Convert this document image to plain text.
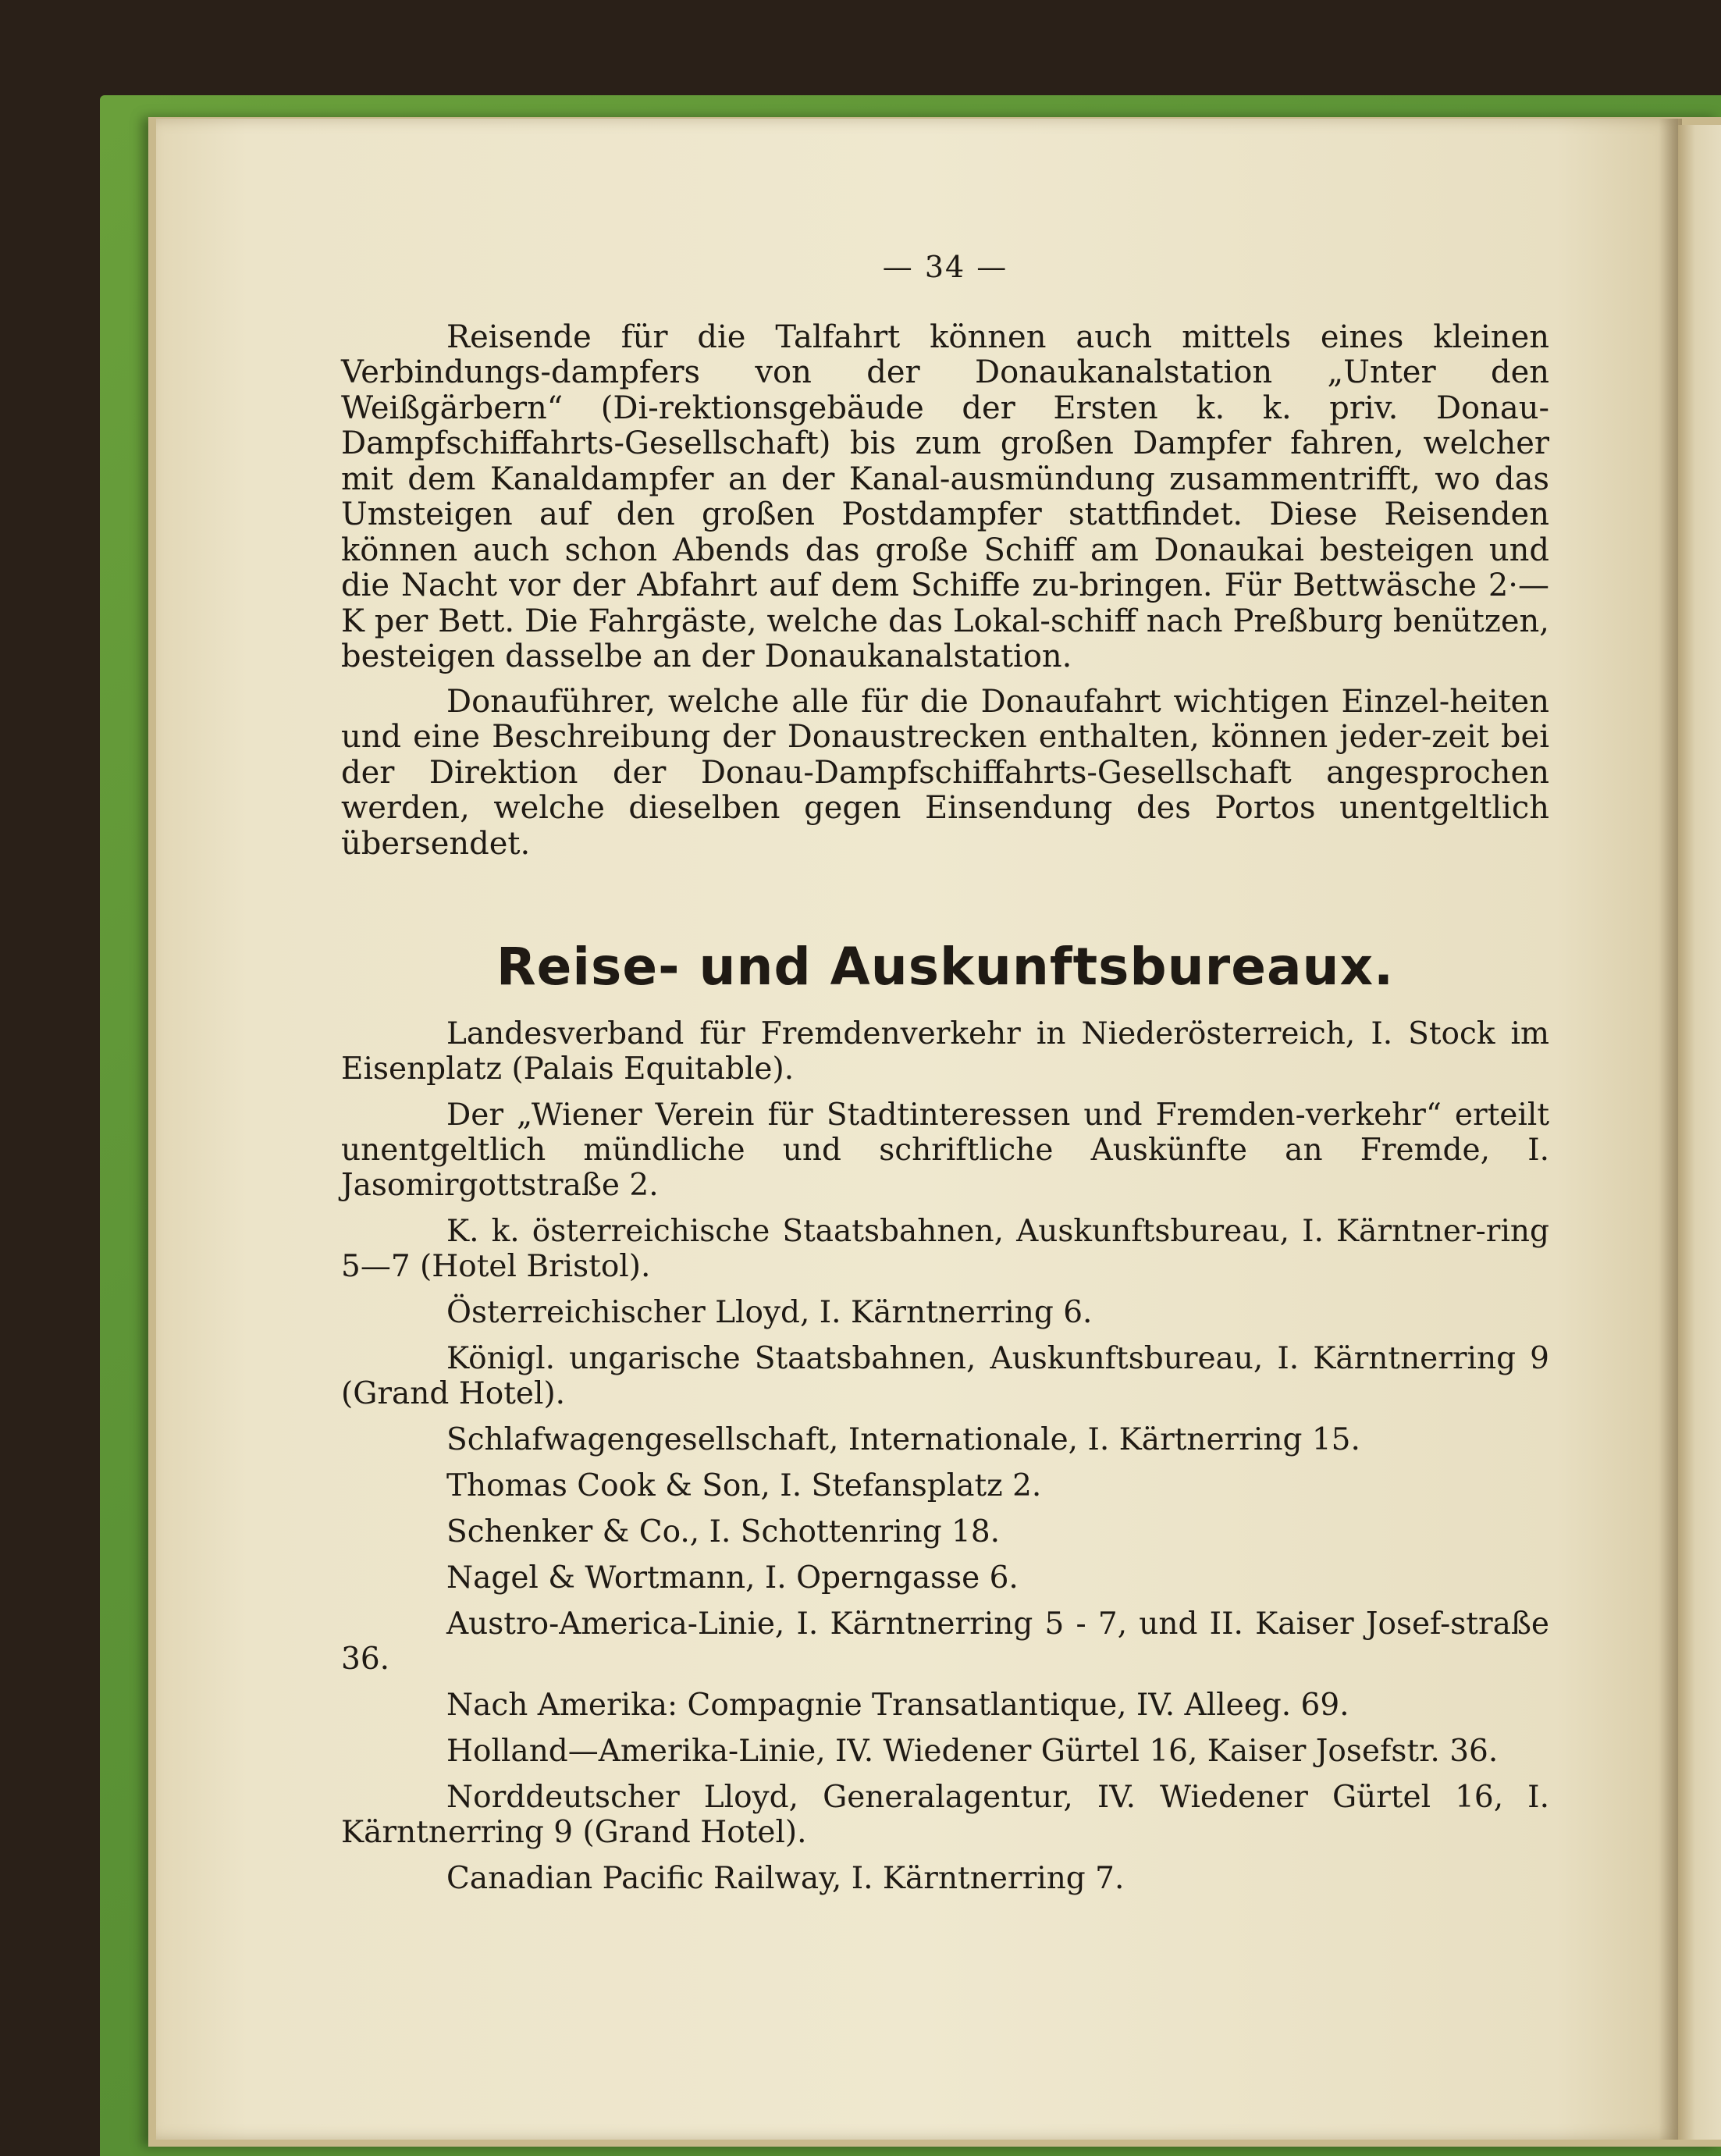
— 34 —

Reisende für die Talfahrt können auch mittels eines kleinen Verbindungs-dampfers von der Donaukanalstation „Unter den Weißgärbern“ (Di-rektionsgebäude der Ersten k. k. priv. Donau-Dampfschiffahrts-Gesellschaft) bis zum großen Dampfer fahren, welcher mit dem Kanaldampfer an der Kanal-ausmündung zusammentrifft, wo das Umsteigen auf den großen Postdampfer stattfindet. Diese Reisenden können auch schon Abends das große Schiff am Donaukai besteigen und die Nacht vor der Abfahrt auf dem Schiffe zu-bringen. Für Bettwäsche 2·— K per Bett. Die Fahrgäste, welche das Lokal-schiff nach Preßburg benützen, besteigen dasselbe an der Donaukanalstation.

Donauführer, welche alle für die Donaufahrt wichtigen Einzel-heiten und eine Beschreibung der Donaustrecken enthalten, können jeder-zeit bei der Direktion der Donau-Dampfschiffahrts-Gesellschaft angesprochen werden, welche dieselben gegen Einsendung des Portos unentgeltlich übersendet.

Reise- und Auskunftsbureaux.

Landesverband für Fremdenverkehr in Niederösterreich, I. Stock im Eisenplatz (Palais Equitable).

Der „Wiener Verein für Stadtinteressen und Fremden-verkehr“ erteilt unentgeltlich mündliche und schriftliche Auskünfte an Fremde, I. Jasomirgottstraße 2.

K. k. österreichische Staatsbahnen, Auskunftsbureau, I. Kärntner-ring 5—7 (Hotel Bristol).

Österreichischer Lloyd, I. Kärntnerring 6.

Königl. ungarische Staatsbahnen, Auskunftsbureau, I. Kärntnerring 9 (Grand Hotel).

Schlafwagengesellschaft, Internationale, I. Kärtnerring 15.

Thomas Cook & Son, I. Stefansplatz 2.

Schenker & Co., I. Schottenring 18.

Nagel & Wortmann, I. Operngasse 6.

Austro-America-Linie, I. Kärntnerring 5 - 7, und II. Kaiser Josef-straße 36.

Nach Amerika: Compagnie Transatlantique, IV. Alleeg. 69.

Holland—Amerika-Linie, IV. Wiedener Gürtel 16, Kaiser Josefstr. 36.

Norddeutscher Lloyd, Generalagentur, IV. Wiedener Gürtel 16, I. Kärntnerring 9 (Grand Hotel).

Canadian Pacific Railway, I. Kärntnerring 7.
